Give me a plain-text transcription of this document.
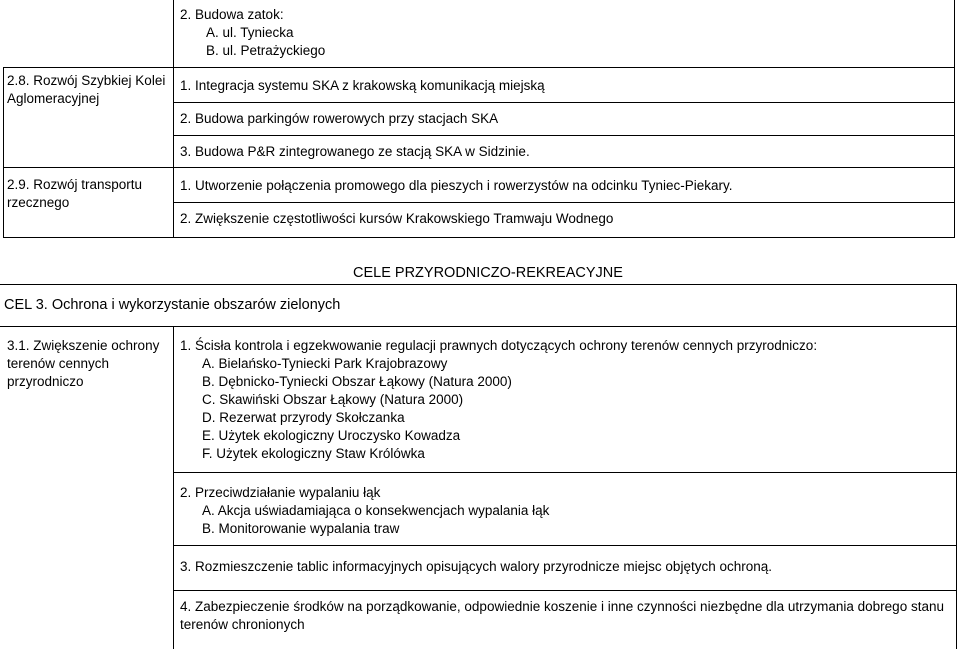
2. Budowa zatok:
A. ul. Tyniecka
B. ul. Petrażyckiego
2.8. Rozwój Szybkiej Kolei Aglomeracyjnej
1. Integracja systemu SKA z krakowską komunikacją miejską
2. Budowa parkingów rowerowych przy stacjach SKA
3. Budowa P&R zintegrowanego ze stacją SKA w Sidzinie.
2.9. Rozwój transportu rzecznego
1. Utworzenie połączenia promowego dla pieszych i rowerzystów na odcinku Tyniec-Piekary.
2. Zwiększenie częstotliwości kursów Krakowskiego Tramwaju Wodnego
CELE PRZYRODNICZO-REKREACYJNE
CEL 3. Ochrona i wykorzystanie obszarów zielonych
3.1. Zwiększenie ochrony terenów cennych przyrodniczo
1. Ścisła kontrola i egzekwowanie regulacji prawnych dotyczących ochrony terenów cennych przyrodniczo:
A. Bielańsko-Tyniecki Park Krajobrazowy
B. Dębnicko-Tyniecki Obszar Łąkowy (Natura 2000)
C. Skawiński Obszar Łąkowy (Natura 2000)
D. Rezerwat przyrody Skołczanka
E. Użytek ekologiczny Uroczysko Kowadza
F. Użytek ekologiczny Staw Królówka
2. Przeciwdziałanie wypalaniu łąk
A. Akcja uświadamiająca o konsekwencjach wypalania łąk
B. Monitorowanie wypalania traw
3. Rozmieszczenie tablic informacyjnych opisujących walory przyrodnicze miejsc objętych ochroną.
4. Zabezpieczenie środków na porządkowanie, odpowiednie koszenie i inne czynności niezbędne dla utrzymania dobrego stanu terenów chronionych
